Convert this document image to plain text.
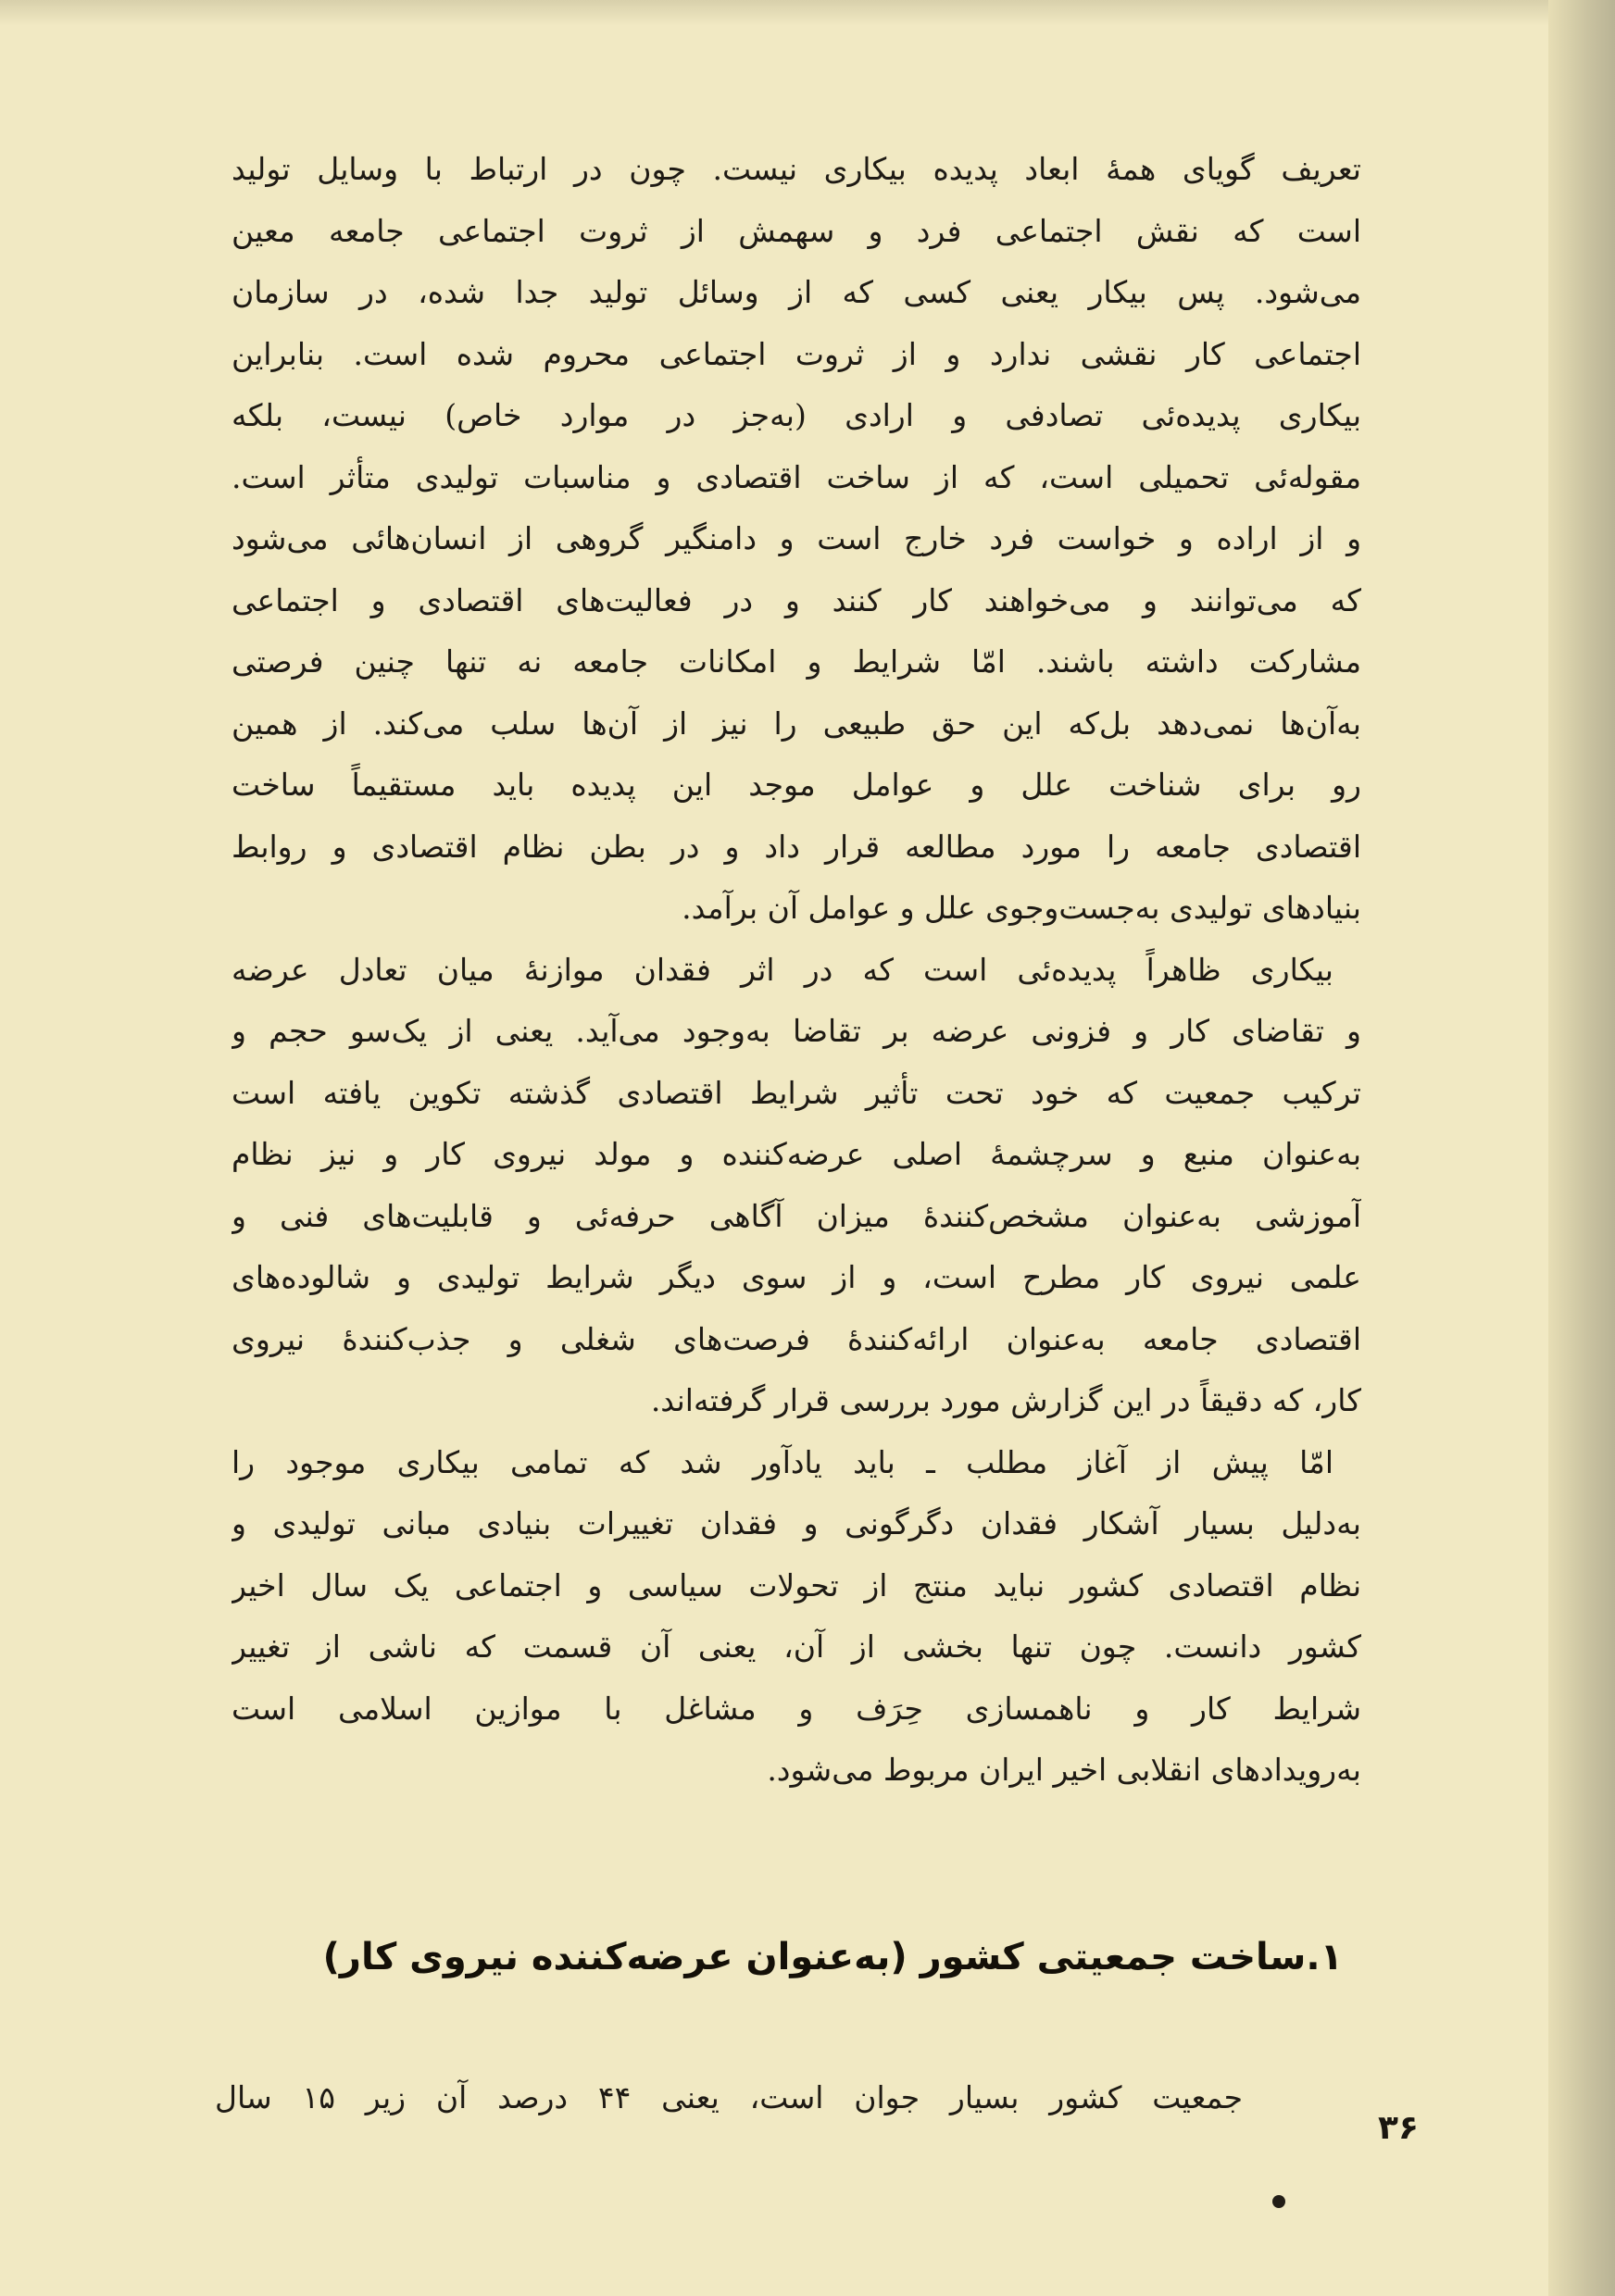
تعریف گویای همهٔ ابعاد پدیده بیکاری نیست. چون در ارتباط با وسایل تولید
است که نقش اجتماعی فرد و سهمش از ثروت اجتماعی جامعه معین
می‌شود. پس بیکار یعنی کسی که از وسائل تولید جدا شده، در سازمان
اجتماعی کار نقشی ندارد و از ثروت اجتماعی محروم شده است. بنابراین
بیکاری پدیده‌ئی تصادفی و ارادی (به‌جز در موارد خاص) نیست، بلکه
مقوله‌ئی تحمیلی است، که از ساخت اقتصادی و مناسبات تولیدی متأثر است.
و از اراده و خواست فرد خارج است و دامنگیر گروهی از انسان‌هائی می‌شود
که می‌توانند و می‌خواهند کار کنند و در فعالیت‌های اقتصادی و اجتماعی
مشارکت داشته باشند. امّا شرایط و امکانات جامعه نه تنها چنین فرصتی
به‌آن‌ها نمی‌دهد بل‌که این حق طبیعی را نیز از آن‌ها سلب می‌کند. از همین
رو برای شناخت علل و عوامل موجد این پدیده باید مستقیماً ساخت
اقتصادی جامعه را مورد مطالعه قرار داد و در بطن نظام اقتصادی و روابط
بنیادهای تولیدی به‌جست‌وجوی علل و عوامل آن برآمد.
بیکاری ظاهراً پدیده‌ئی است که در اثر فقدان موازنهٔ میان تعادل عرضه
و تقاضای کار و فزونی عرضه بر تقاضا به‌وجود می‌آید. یعنی از یک‌سو حجم و
ترکیب جمعیت که خود تحت تأثیر شرایط اقتصادی گذشته تکوین یافته است
به‌عنوان منبع و سرچشمهٔ اصلی عرضه‌کننده و مولد نیروی کار و نیز نظام
آموزشی به‌عنوان مشخص‌کنندهٔ میزان آگاهی حرفه‌ئی و قابلیت‌های فنی و
علمی نیروی کار مطرح است، و از سوی دیگر شرایط تولیدی و شالوده‌های
اقتصادی جامعه به‌عنوان ارائه‌کنندهٔ فرصت‌های شغلی و جذب‌کنندهٔ نیروی
کار، که دقیقاً در این گزارش مورد بررسی قرار گرفته‌اند.
امّا پیش از آغاز مطلب ـ باید یادآور شد که تمامی بیکاری موجود را
به‌دلیل بسیار آشکار فقدان دگرگونی و فقدان تغییرات بنیادی مبانی تولیدی و
نظام اقتصادی کشور نباید منتج از تحولات سیاسی و اجتماعی یک سال اخیر
کشور دانست. چون تنها بخشی از آن، یعنی آن قسمت که ناشی از تغییر
شرایط کار و ناهمسازی حِرَف و مشاغل با موازین اسلامی است
به‌رویدادهای انقلابی اخیر ایران مربوط می‌شود.
۱.ساخت جمعیتی کشور (به‌عنوان عرضه‌کننده نیروی کار)
جمعیت کشور بسیار جوان است، یعنی ۴۴ درصد آن زیر ۱۵ سال
۳۶
